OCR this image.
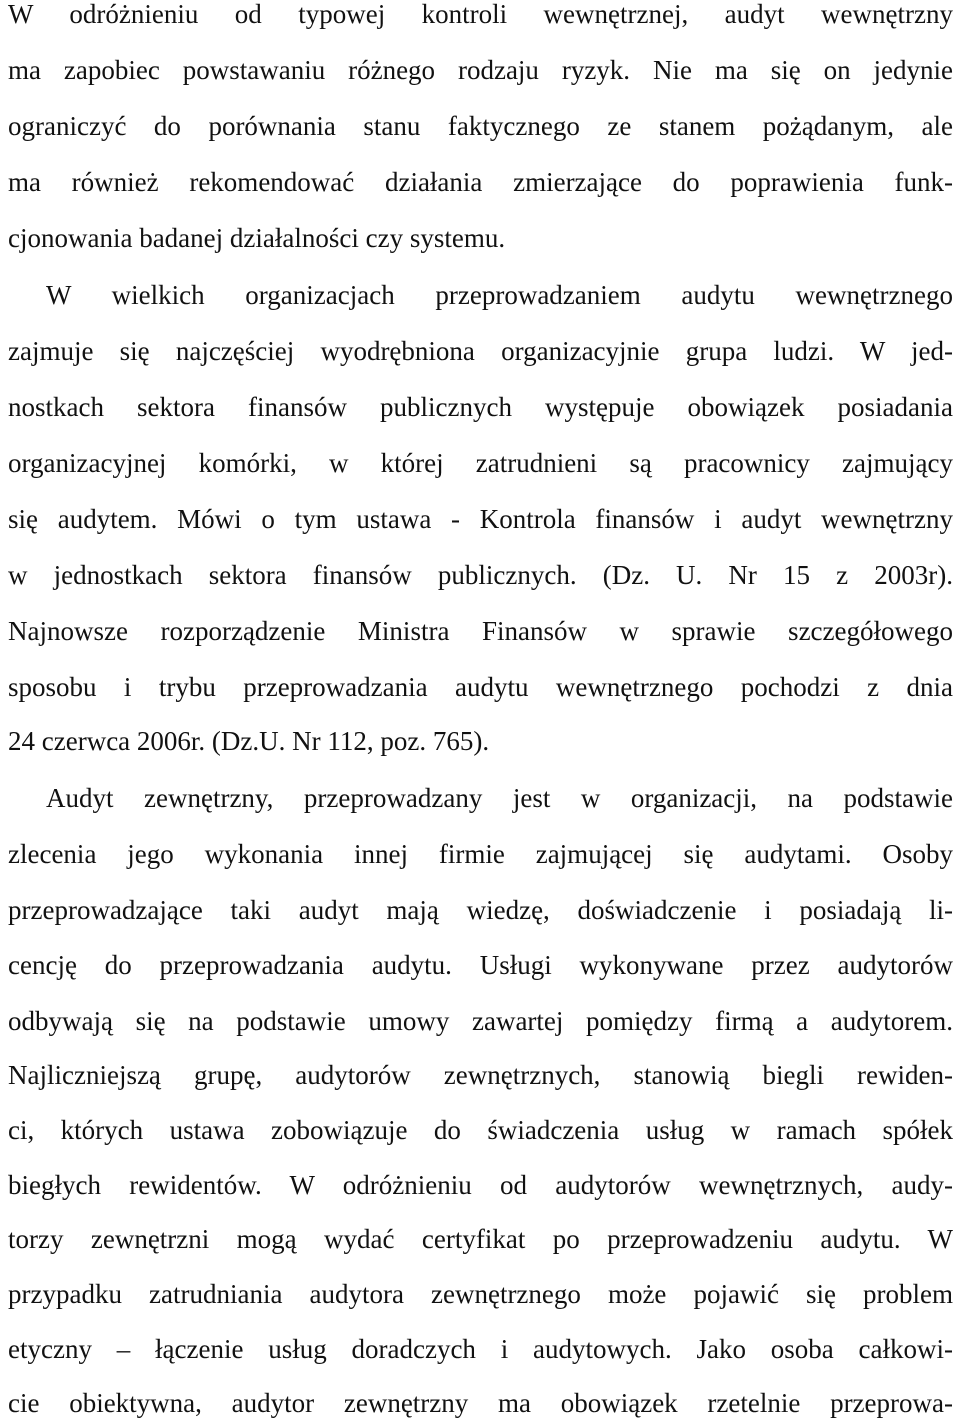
W odróżnieniu od typowej kontroli wewnętrznej, audyt wewnętrzny
ma zapobiec powstawaniu różnego rodzaju ryzyk. Nie ma się on jedynie
ograniczyć do porównania stanu faktycznego ze stanem pożądanym, ale
ma również rekomendować działania zmierzające do poprawienia funk-
cjonowania badanej działalności czy systemu.
W wielkich organizacjach przeprowadzaniem audytu wewnętrznego
zajmuje się najczęściej wyodrębniona organizacyjnie grupa ludzi. W jed-
nostkach sektora finansów publicznych występuje obowiązek posiadania
organizacyjnej komórki, w której zatrudnieni są pracownicy zajmujący
się audytem. Mówi o tym ustawa - Kontrola finansów i audyt wewnętrzny
w jednostkach sektora finansów publicznych. (Dz. U. Nr 15 z 2003r).
Najnowsze rozporządzenie Ministra Finansów w sprawie szczegółowego
sposobu i trybu przeprowadzania audytu wewnętrznego pochodzi z dnia
24 czerwca 2006r. (Dz.U. Nr 112, poz. 765).
Audyt zewnętrzny, przeprowadzany jest w organizacji, na podstawie
zlecenia jego wykonania innej firmie zajmującej się audytami. Osoby
przeprowadzające taki audyt mają wiedzę, doświadczenie i posiadają li-
cencję do przeprowadzania audytu. Usługi wykonywane przez audytorów
odbywają się na podstawie umowy zawartej pomiędzy firmą a audytorem.
Najliczniejszą grupę, audytorów zewnętrznych, stanowią biegli rewiden-
ci, których ustawa zobowiązuje do świadczenia usług w ramach spółek
biegłych rewidentów. W odróżnieniu od audytorów wewnętrznych, audy-
torzy zewnętrzni mogą wydać certyfikat po przeprowadzeniu audytu. W
przypadku zatrudniania audytora zewnętrznego może pojawić się problem
etyczny – łączenie usług doradczych i audytowych. Jako osoba całkowi-
cie obiektywna, audytor zewnętrzny ma obowiązek rzetelnie przeprowa-
